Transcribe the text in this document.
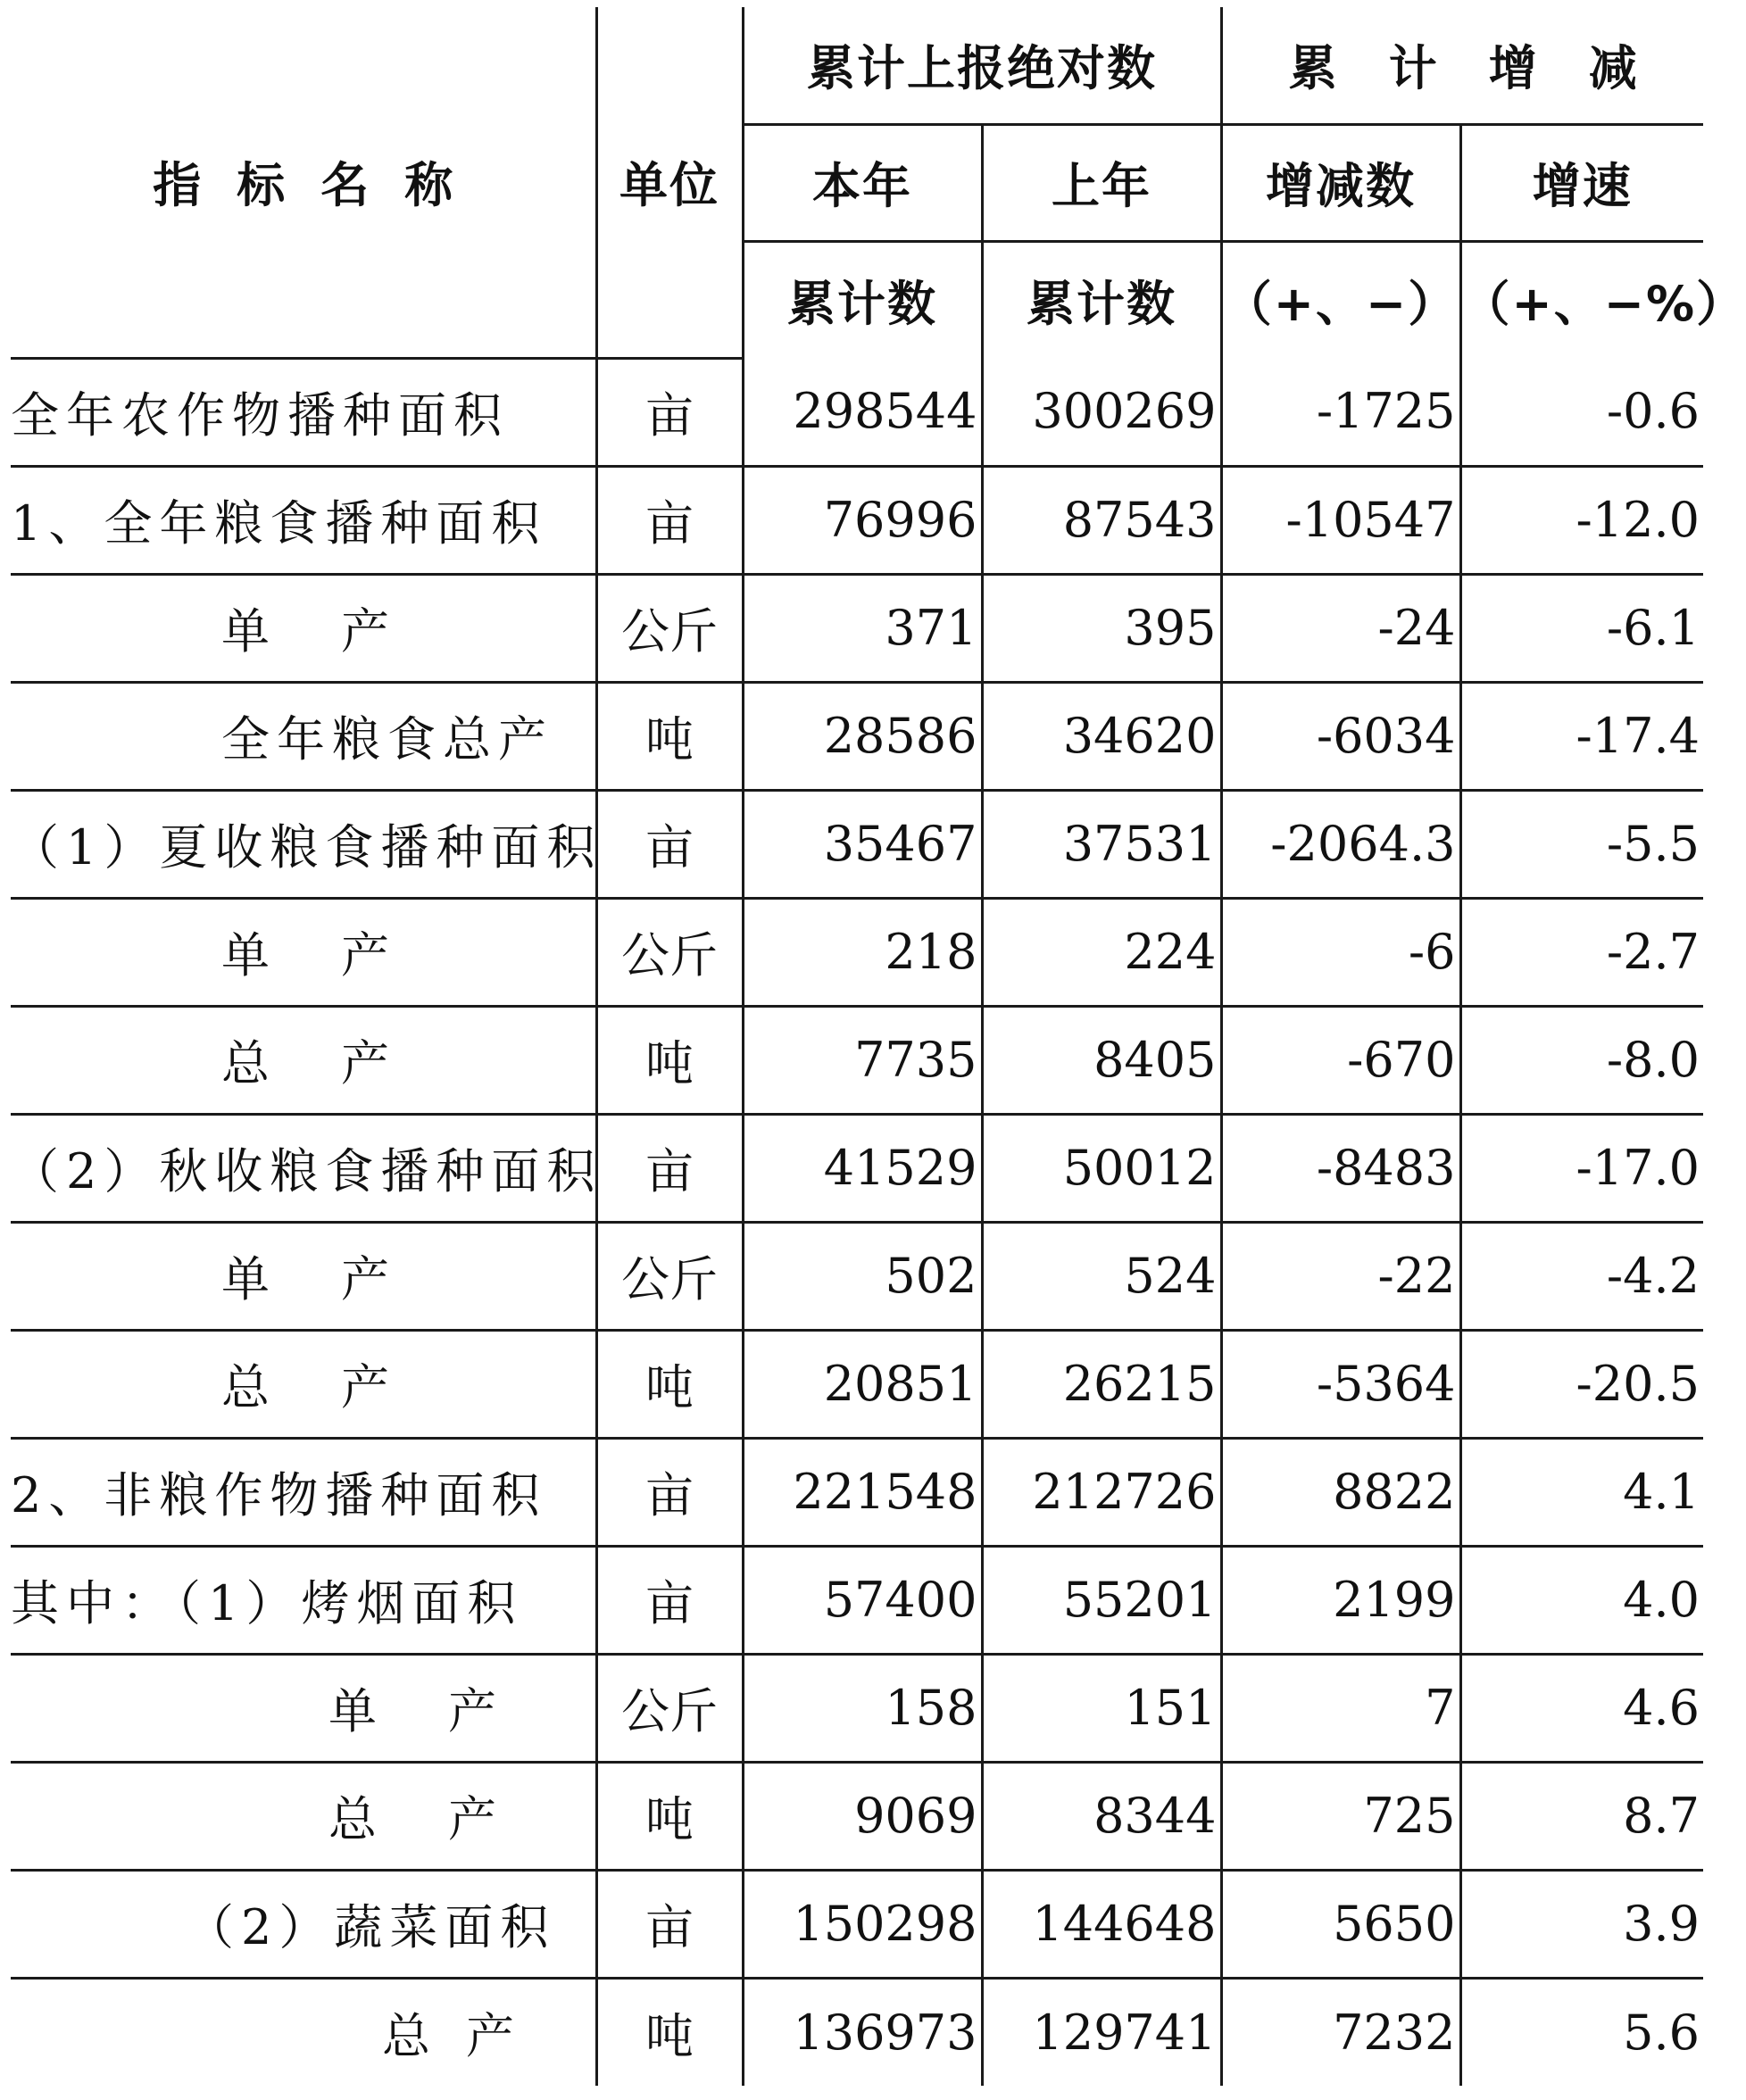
指标名称	单位	累计上报绝对数		累计增减	
		本年	上年	增减数	增速
		累计数	累计数	（+、−）	（+、−%）
全年农作物播种面积	亩	298544	300269	-1725	-0.6
1、全年粮食播种面积	亩	76996	87543	-10547	-12.0
单产	公斤	371	395	-24	-6.1
全年粮食总产	吨	28586	34620	-6034	-17.4
（1）夏收粮食播种面积	亩	35467	37531	-2064.3	-5.5
单产	公斤	218	224	-6	-2.7
总产	吨	7735	8405	-670	-8.0
（2）秋收粮食播种面积	亩	41529	50012	-8483	-17.0
单产	公斤	502	524	-22	-4.2
总产	吨	20851	26215	-5364	-20.5
2、非粮作物播种面积	亩	221548	212726	8822	4.1
其中：（1）烤烟面积	亩	57400	55201	2199	4.0
单产	公斤	158	151	7	4.6
总产	吨	9069	8344	725	8.7
（2）蔬菜面积	亩	150298	144648	5650	3.9
总产	吨	136973	129741	7232	5.6
